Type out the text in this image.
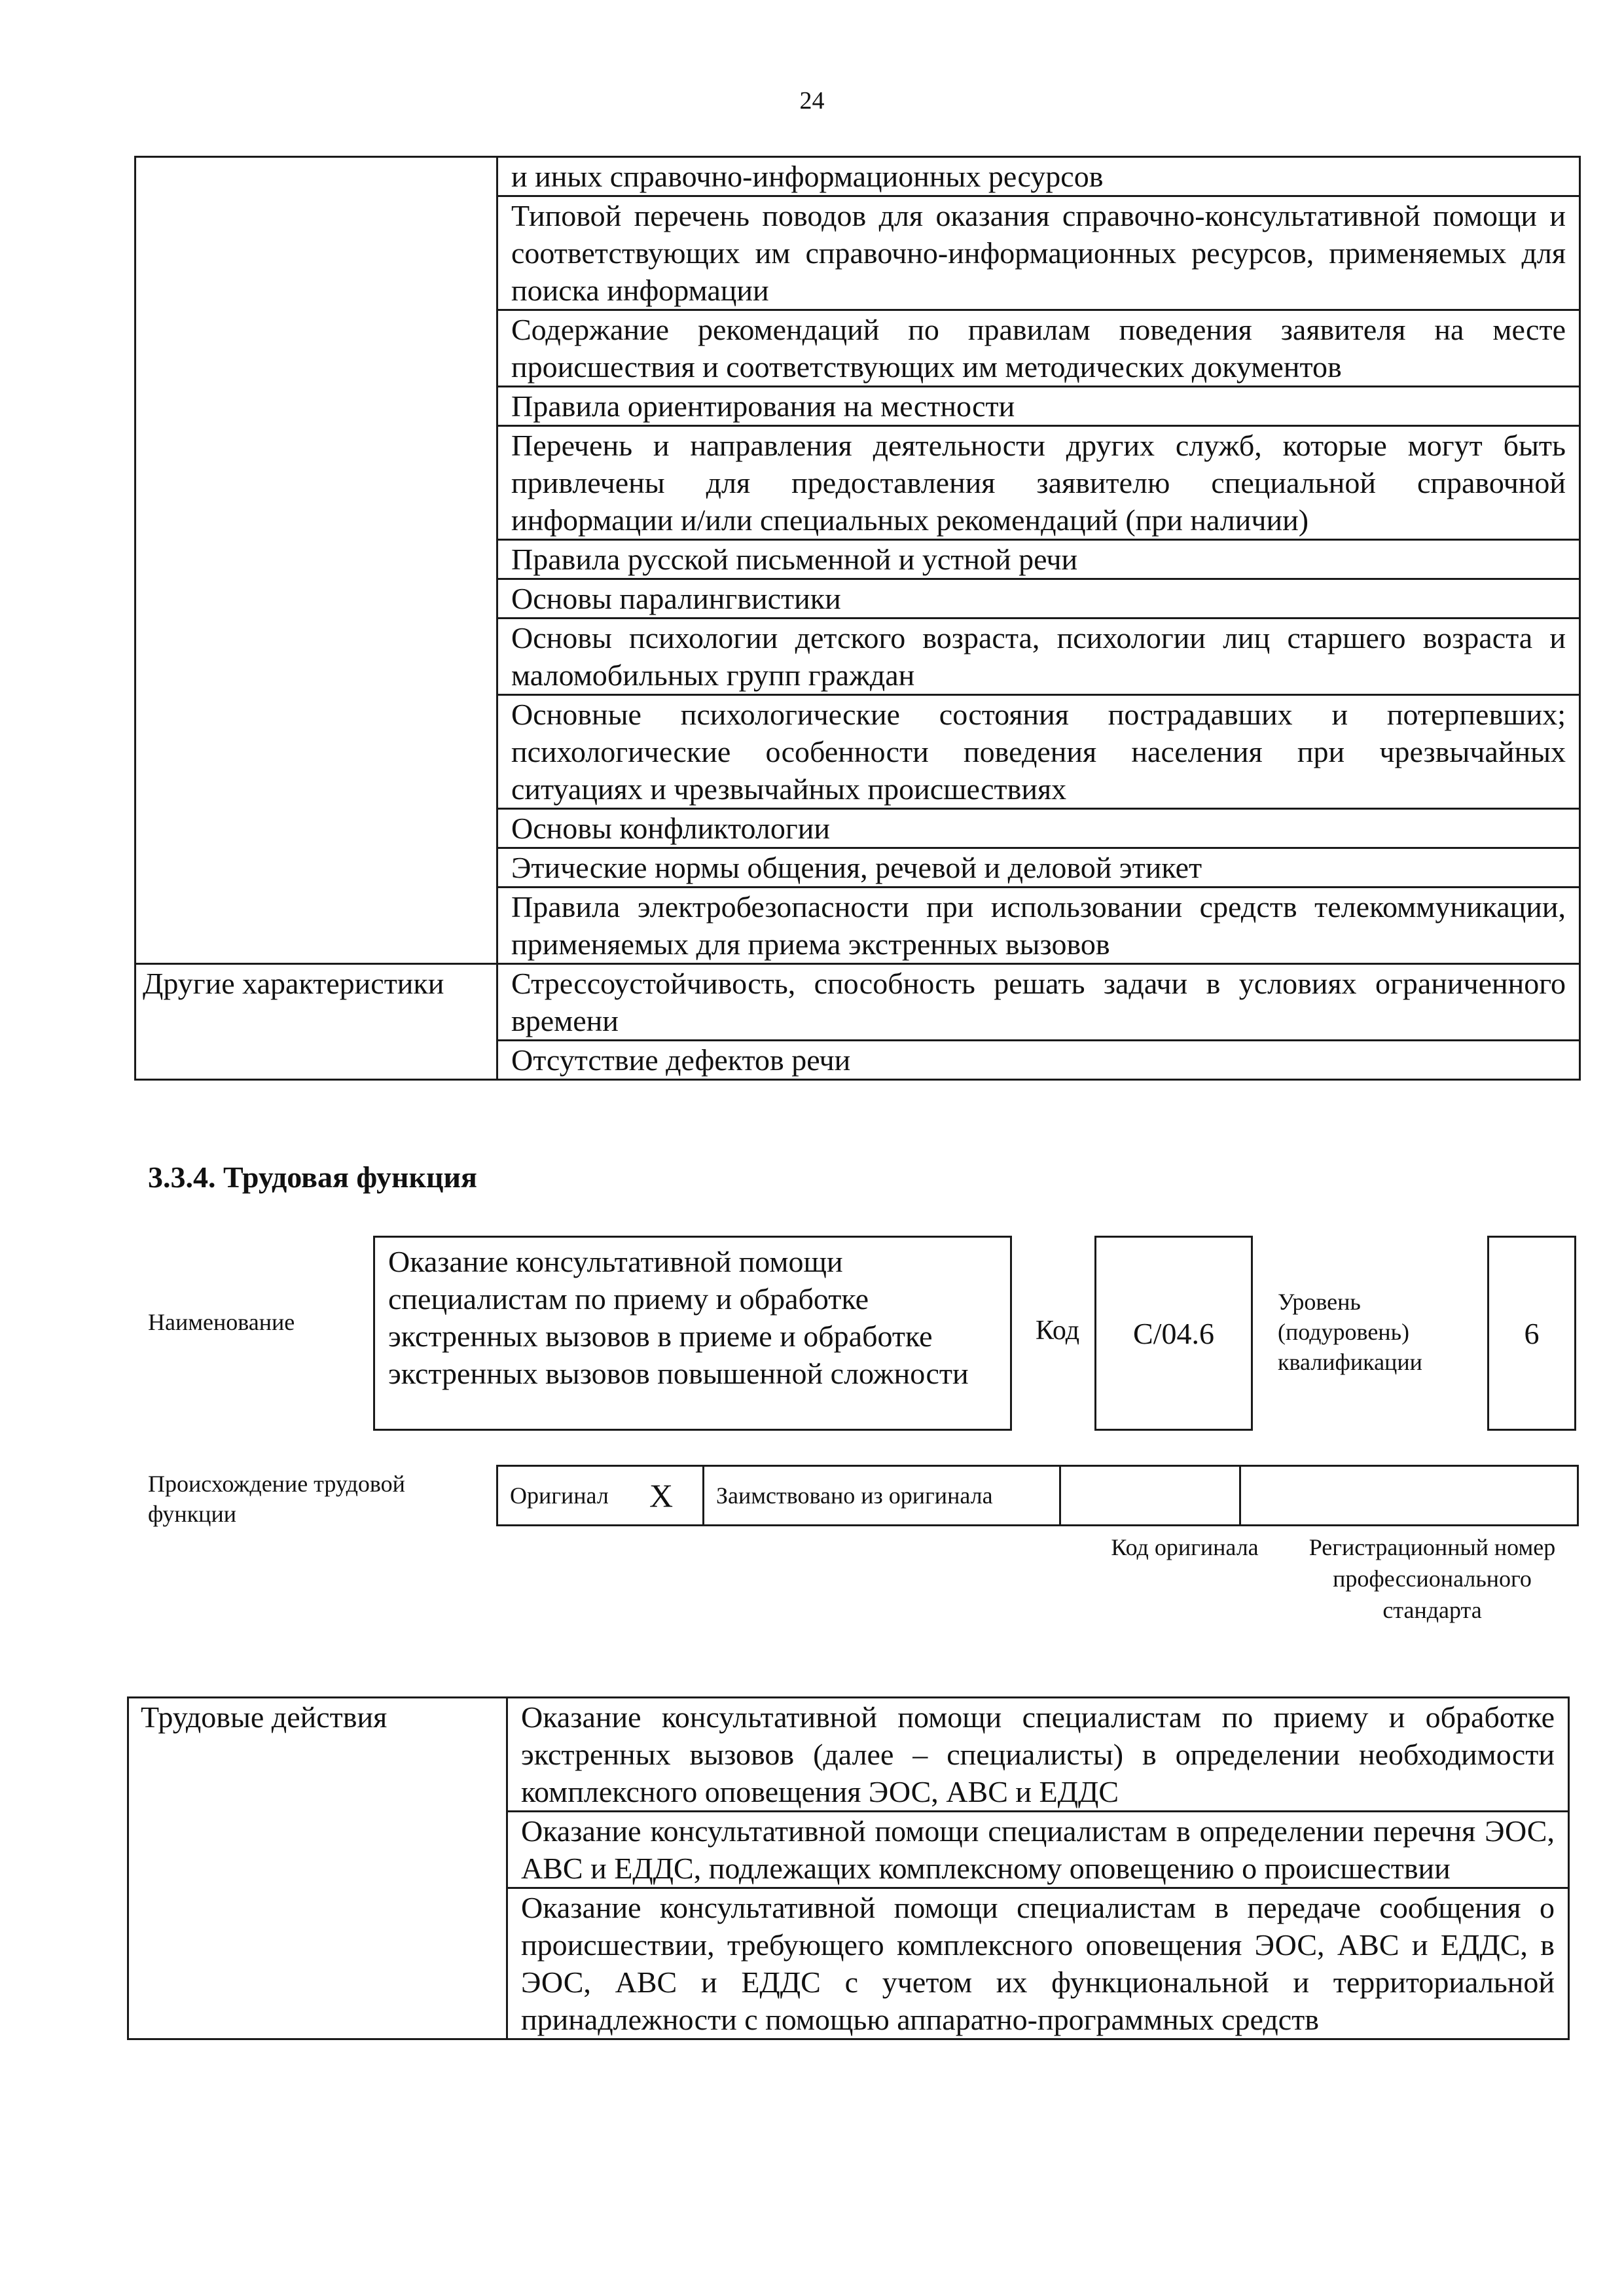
24
	и иных справочно-информационных ресурсов
	Типовой перечень поводов для оказания справочно-консультативной помощи и соответствующих им справочно-информационных ресурсов, применяемых для поиска информации
	Содержание рекомендаций по правилам поведения заявителя на месте происшествия и соответствующих им методических документов
	Правила ориентирования на местности
	Перечень и направления деятельности других служб, которые могут быть привлечены для предоставления заявителю специальной справочной информации и/или специальных рекомендаций (при наличии)
	Правила русской письменной и устной речи
	Основы паралингвистики
	Основы психологии детского возраста, психологии лиц старшего возраста и маломобильных групп граждан
	Основные психологические состояния пострадавших и потерпевших; психологические особенности поведения населения при чрезвычайных ситуациях и чрезвычайных происшествиях
	Основы конфликтологии
	Этические нормы общения, речевой и деловой этикет
	Правила электробезопасности при использовании средств телекоммуникации, применяемых для приема экстренных вызовов
Другие характеристики	Стрессоустойчивость, способность решать задачи в условиях ограниченного времени
	Отсутствие дефектов речи
3.3.4. Трудовая функция
Наименование
Оказание консультативной помощи специалистам по приему и обработке экстренных вызовов в приеме и обработке экстренных вызовов повышенной сложности
Код C/04.6
Уровень (подуровень) квалификации
6
Происхождение трудовой функции
Оригинал	X	Заимствовано из оригинала		
Код оригинала	Регистрационный номер профессионального стандарта
Трудовые действия	Оказание консультативной помощи специалистам по приему и обработке экстренных вызовов (далее – специалисты) в определении необходимости комплексного оповещения ЭОС, АВС и ЕДДС
	Оказание консультативной помощи специалистам в определении перечня ЭОС, АВС и ЕДДС, подлежащих комплексному оповещению о происшествии
	Оказание консультативной помощи специалистам в передаче сообщения о происшествии, требующего комплексного оповещения ЭОС, АВС и ЕДДС, в ЭОС, АВС и ЕДДС с учетом их функциональной и территориальной принадлежности с помощью аппаратно-программных средств
